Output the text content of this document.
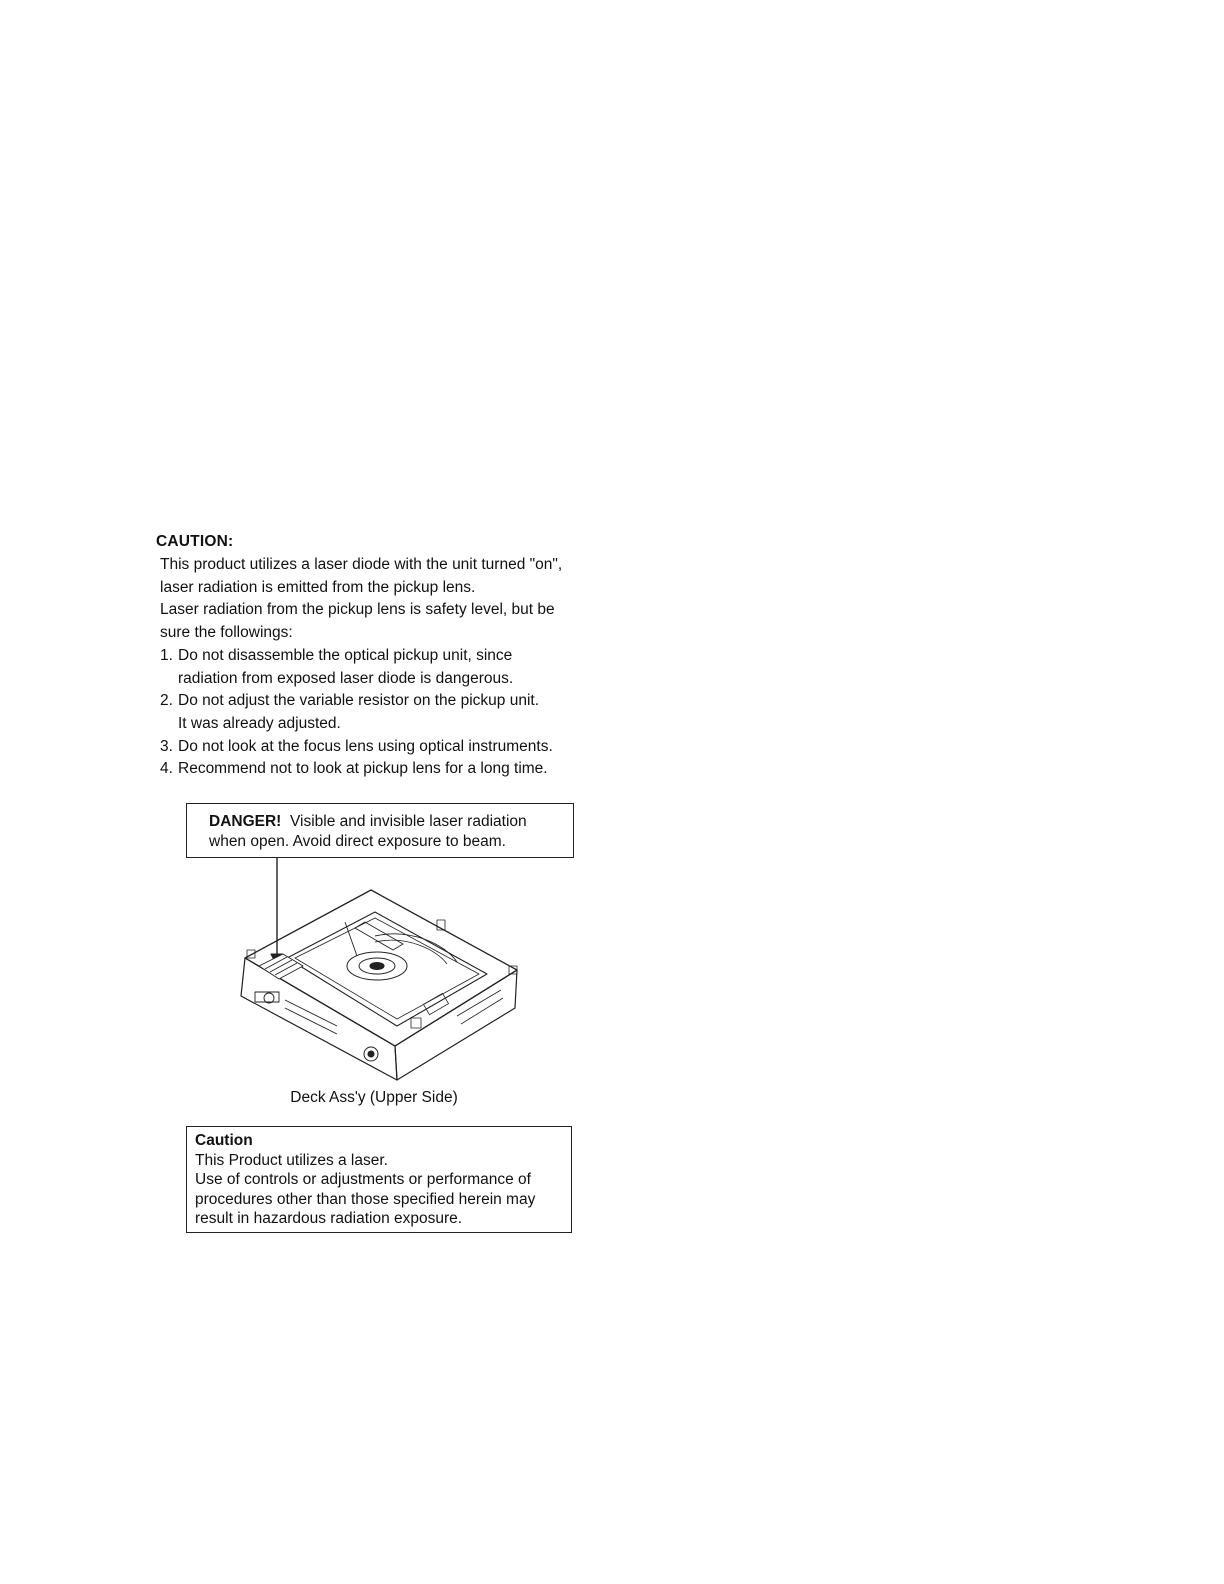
CAUTION:
This product utilizes a laser diode with the unit turned "on",
laser radiation is emitted from the pickup lens.
Laser radiation from the pickup lens is safety level, but be
sure the followings:
1. Do not disassemble the optical pickup unit, since
radiation from exposed laser diode is dangerous.
2. Do not adjust the variable resistor on the pickup unit.
It was already adjusted.
3. Do not look at the focus lens using optical instruments.
4. Recommend not to look at pickup lens for a long time.
DANGER! Visible and invisible laser radiation
when open. Avoid direct exposure to beam.
Deck Ass'y (Upper Side)
Caution
This Product utilizes a laser.
Use of controls or adjustments or performance of
procedures other than those specified herein may
result in hazardous radiation exposure.
